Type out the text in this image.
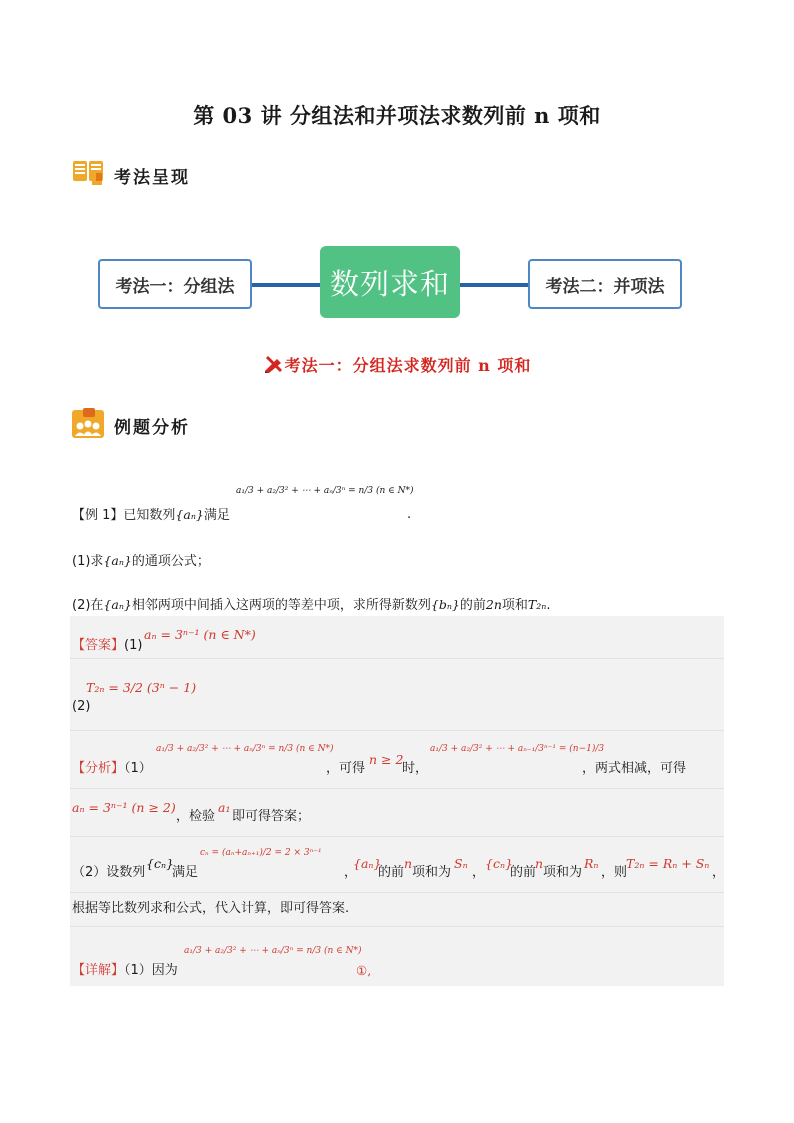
第 03 讲 分组法和并项法求数列前 n 项和
考法呈现
考法一：分组法	数列求和	考法二：并项法
考法一：分组法求数列前 n 项和
例题分析
a₁/3 + a₂/3² + ⋯ + aₙ/3ⁿ = n/3 (n ∈ N*)
【例 1】已知数列{aₙ}满足	.
(1)求{aₙ}的通项公式；
(2)在{aₙ}相邻两项中间插入这两项的等差中项，求所得新数列{bₙ}的前2n项和T₂ₙ.
【答案】(1)
aₙ = 3ⁿ⁻¹ (n ∈ N*)
T₂ₙ = 3/2 (3ⁿ − 1)
(2)
a₁/3 + a₂/3² + ⋯ + aₙ/3ⁿ = n/3 (n ∈ N*)
【分析】（1）	，可得
n ≥ 2
时，
a₁/3 + a₂/3² + ⋯ + aₙ₋₁/3ⁿ⁻¹ = (n−1)/3
，两式相减，可得
aₙ = 3ⁿ⁻¹ (n ≥ 2)
，检验
a₁
即可得答案；
（2）设数列
{cₙ}
满足
cₙ = (aₙ+aₙ₊₁)/2 = 2 × 3ⁿ⁻¹
，
{aₙ}
的前
n
项和为
Sₙ
，
{cₙ}
的前
n
项和为
Rₙ
，则
T₂ₙ = Rₙ + Sₙ
，
根据等比数列求和公式，代入计算，即可得答案.
a₁/3 + a₂/3² + ⋯ + aₙ/3ⁿ = n/3 (n ∈ N*)
【详解】（1）因为	①,
